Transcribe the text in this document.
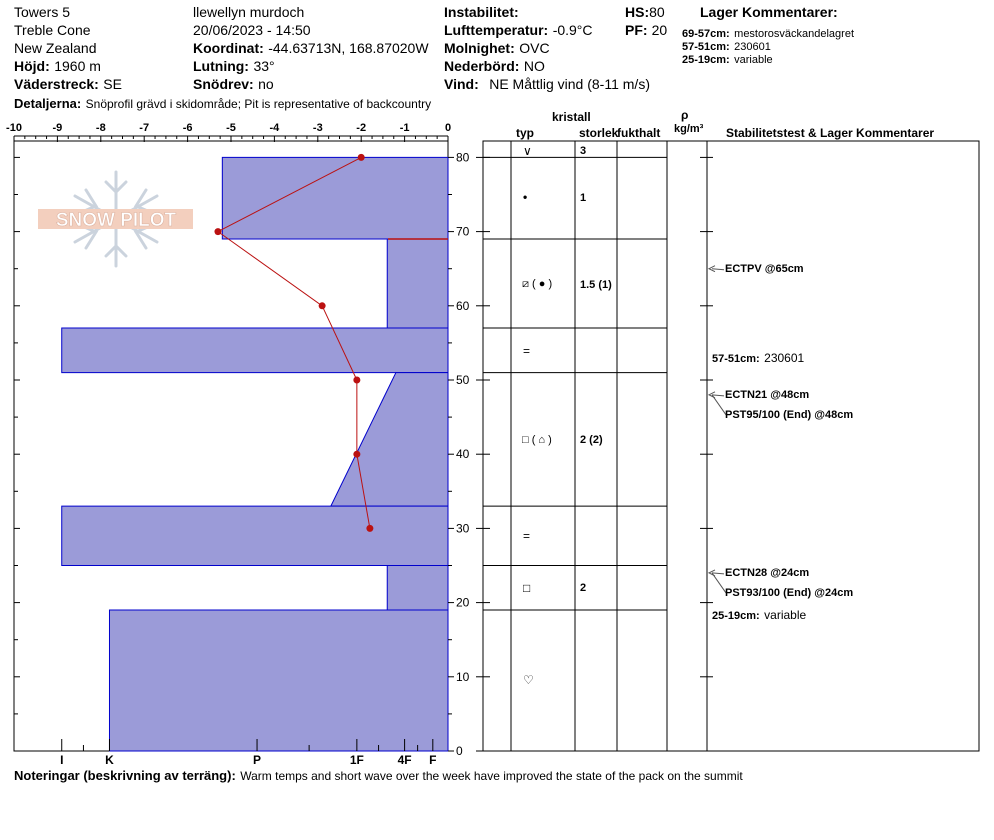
Towers 5
Treble Cone
New Zealand
Höjd: 1960 m
Väderstreck: SE
llewellyn murdoch
20/06/2023 - 14:50
Koordinat: -44.63713N, 168.87020W
Lutning: 33°
Snödrev: no
Instabilitet:
Lufttemperatur: -0.9°C
Molnighet: OVC
Nederbörd: NO
Vind: NE Måttlig vind (8-11 m/s)
HS:80
PF: 20
Lager Kommentarer:
69-57cm: mestorosväckandelagret
57-51cm: 230601
25-19cm: variable
Detaljerna: Snöprofil grävd i skidområde; Pit is representative of backcountry
SNOW PILOT
-10	-9	-8	-7	-6	-5	-4	-3	-2	-1	0
80
70
60
50
40
30
20
10
0
I	K	P	1F	4F F
kristall
typ	storlek
fukthalt
ρ
kg/m³ Stabilitetstest & Lager Kommentarer
∨	3
•	1
⧄ ( ● )	1.5 (1)
=
□ ( ⌂ )	2 (2)
=
□	2
♡
ECTPV @65cm
ECTN21 @48cm
PST95/100 (End) @48cm
ECTN28 @24cm
PST93/100 (End) @24cm
57-51cm: 230601
25-19cm: variable
Noteringar (beskrivning av terräng): Warm temps and short wave over the week have improved the state of the pack on the summit
